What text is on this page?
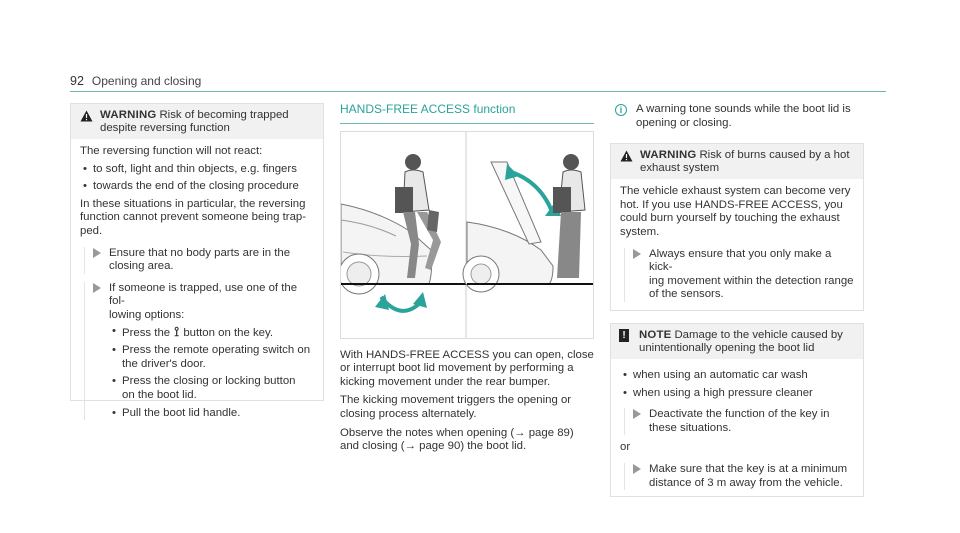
92 Opening and closing
WARNING Risk of becoming trapped
despite reversing function
The reversing function will not react:
• to soft, light and thin objects, e.g. fingers
• towards the end of the closing procedure
In these situations in particular, the reversing
function cannot prevent someone being trap-
ped.
Ensure that no body parts are in the
closing area.
If someone is trapped, use one of the fol-
lowing options:
• Press the ⟟ button on the key.
• Press the remote operating switch on
the driver's door.
• Press the closing or locking button
on the boot lid.
• Pull the boot lid handle.
HANDS-FREE ACCESS function
With HANDS-FREE ACCESS you can open, close
or interrupt boot lid movement by performing a
kicking movement under the rear bumper.
The kicking movement triggers the opening or
closing process alternately.
Observe the notes when opening (→ page 89)
and closing (→ page 90) the boot lid.
i	A warning tone sounds while the boot lid is
opening or closing.
WARNING Risk of burns caused by a hot
exhaust system
The vehicle exhaust system can become very
hot. If you use HANDS-FREE ACCESS, you
could burn yourself by touching the exhaust
system.
Always ensure that you only make a kick-
ing movement within the detection range
of the sensors.
! NOTE Damage to the vehicle caused by
unintentionally opening the boot lid
• when using an automatic car wash
• when using a high pressure cleaner
Deactivate the function of the key in
these situations.
or
Make sure that the key is at a minimum
distance of 3 m away from the vehicle.
